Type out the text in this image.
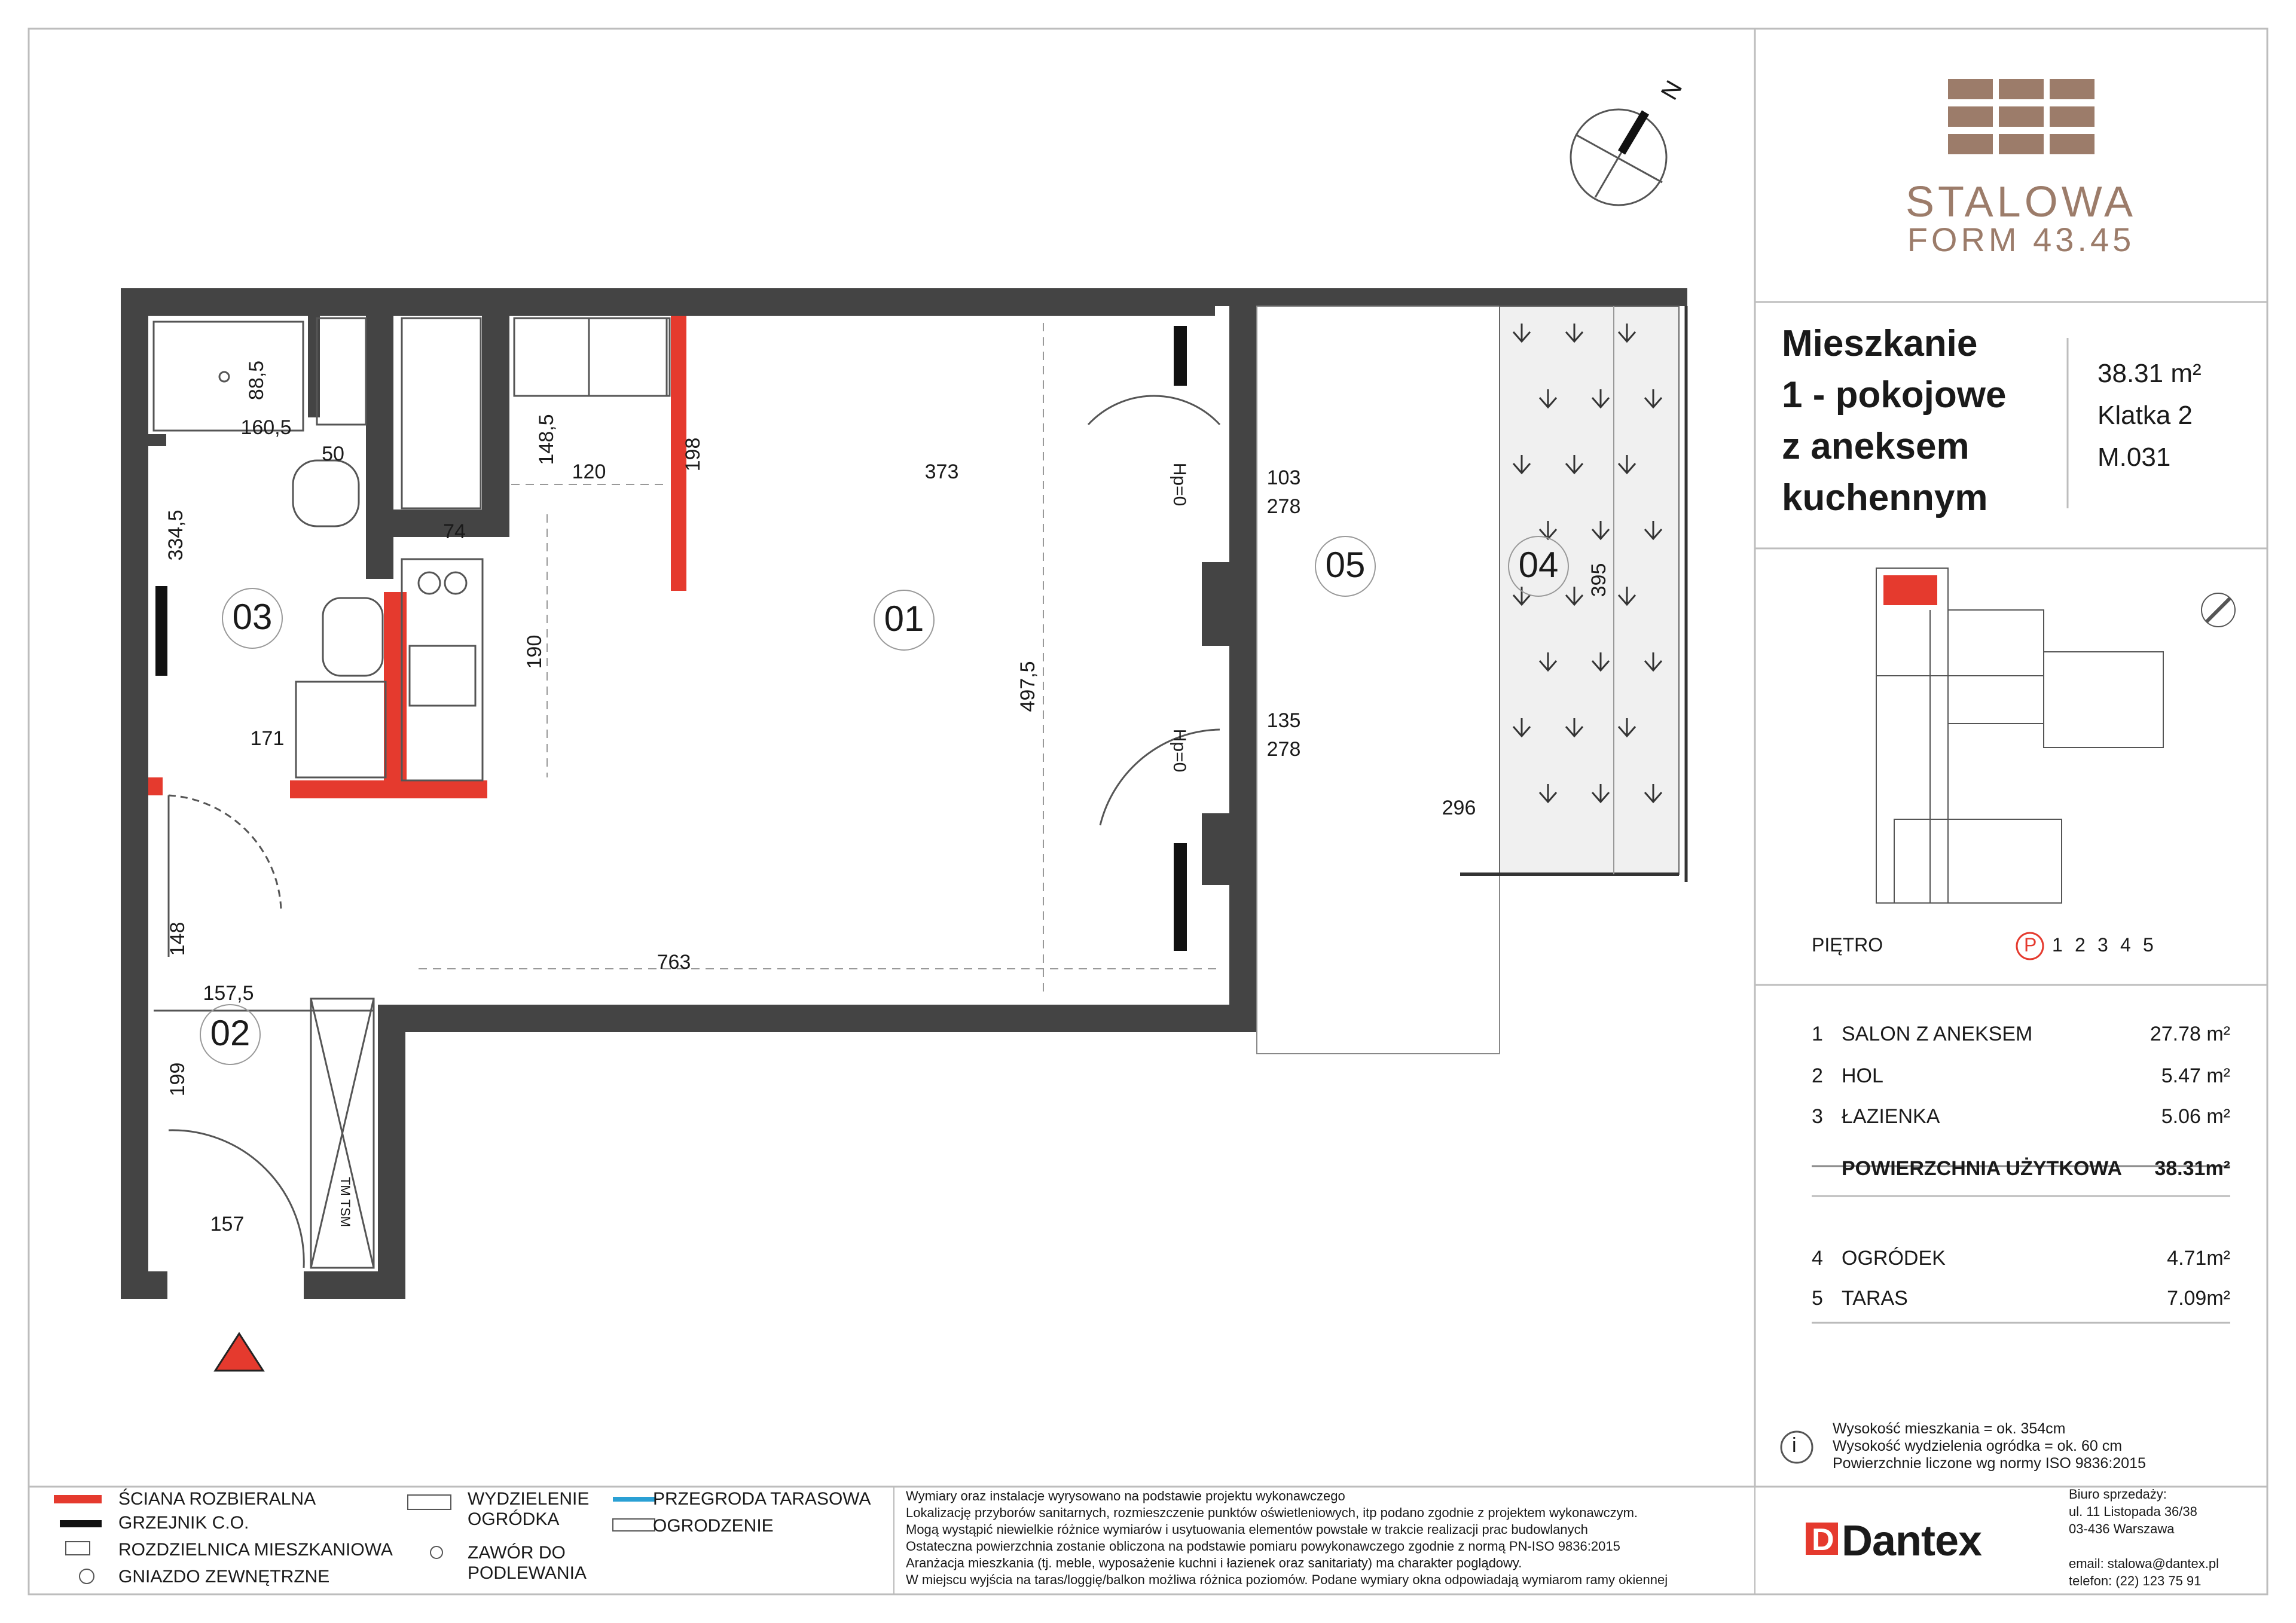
STALOWA
FORM 43.45
N
01
02
03
04
05
88,5
160,5
50
334,5
148,5
120
198
373
74
190
497,5
171
103
278
135
278
395
296
148
763
157,5
199
157
Hp=0
Hp=0
TM TSM
D
Mieszkanie
1 - pokojowe
z aneksem
kuchennym
38.31 m²
Klatka 2
M.031
PIĘTRO	P 1 2 3 4 5
1 SALON Z ANEKSEM	27.78 m²
2 HOL	5.47 m²
3 ŁAZIENKA	5.06 m²
POWIERZCHNIA UŻYTKOWA 38.31m²
4 OGRÓDEK	4.71m²
5 TARAS	7.09m²
i
Wysokość mieszkania = ok. 354cm
Wysokość wydzielenia ogródka = ok. 60 cm
Powierzchnie liczone wg normy ISO 9836:2015
ŚCIANA ROZBIERALNA
GRZEJNIK C.O.
ROZDZIELNICA MIESZKANIOWA
GNIAZDO ZEWNĘTRZNE
WYDZIELENIE OGRÓDKA
ZAWÓR DO PODLEWANIA
PRZEGRODA TARASOWA
OGRODZENIE
Wymiary oraz instalacje wyrysowano na podstawie projektu wykonawczego
Lokalizację przyborów sanitarnych, rozmieszczenie punktów oświetleniowych, itp podano zgodnie z projektem wykonawczym.
Mogą wystąpić niewielkie różnice wymiarów i usytuowania elementów powstałe w trakcie realizacji prac budowlanych
Ostateczna powierzchnia zostanie obliczona na podstawie pomiaru powykonawczego zgodnie z normą PN-ISO 9836:2015
Aranżacja mieszkania (tj. meble, wyposażenie kuchni i łazienek oraz sanitariaty) ma charakter poglądowy.
W miejscu wyjścia na taras/loggię/balkon możliwa różnica poziomów. Podane wymiary okna odpowiadają wymiarom ramy okiennej
Dantex
Biuro sprzedaży:
ul. 11 Listopada 36/38
03-436 Warszawa
email: stalowa@dantex.pl
telefon: (22) 123 75 91
